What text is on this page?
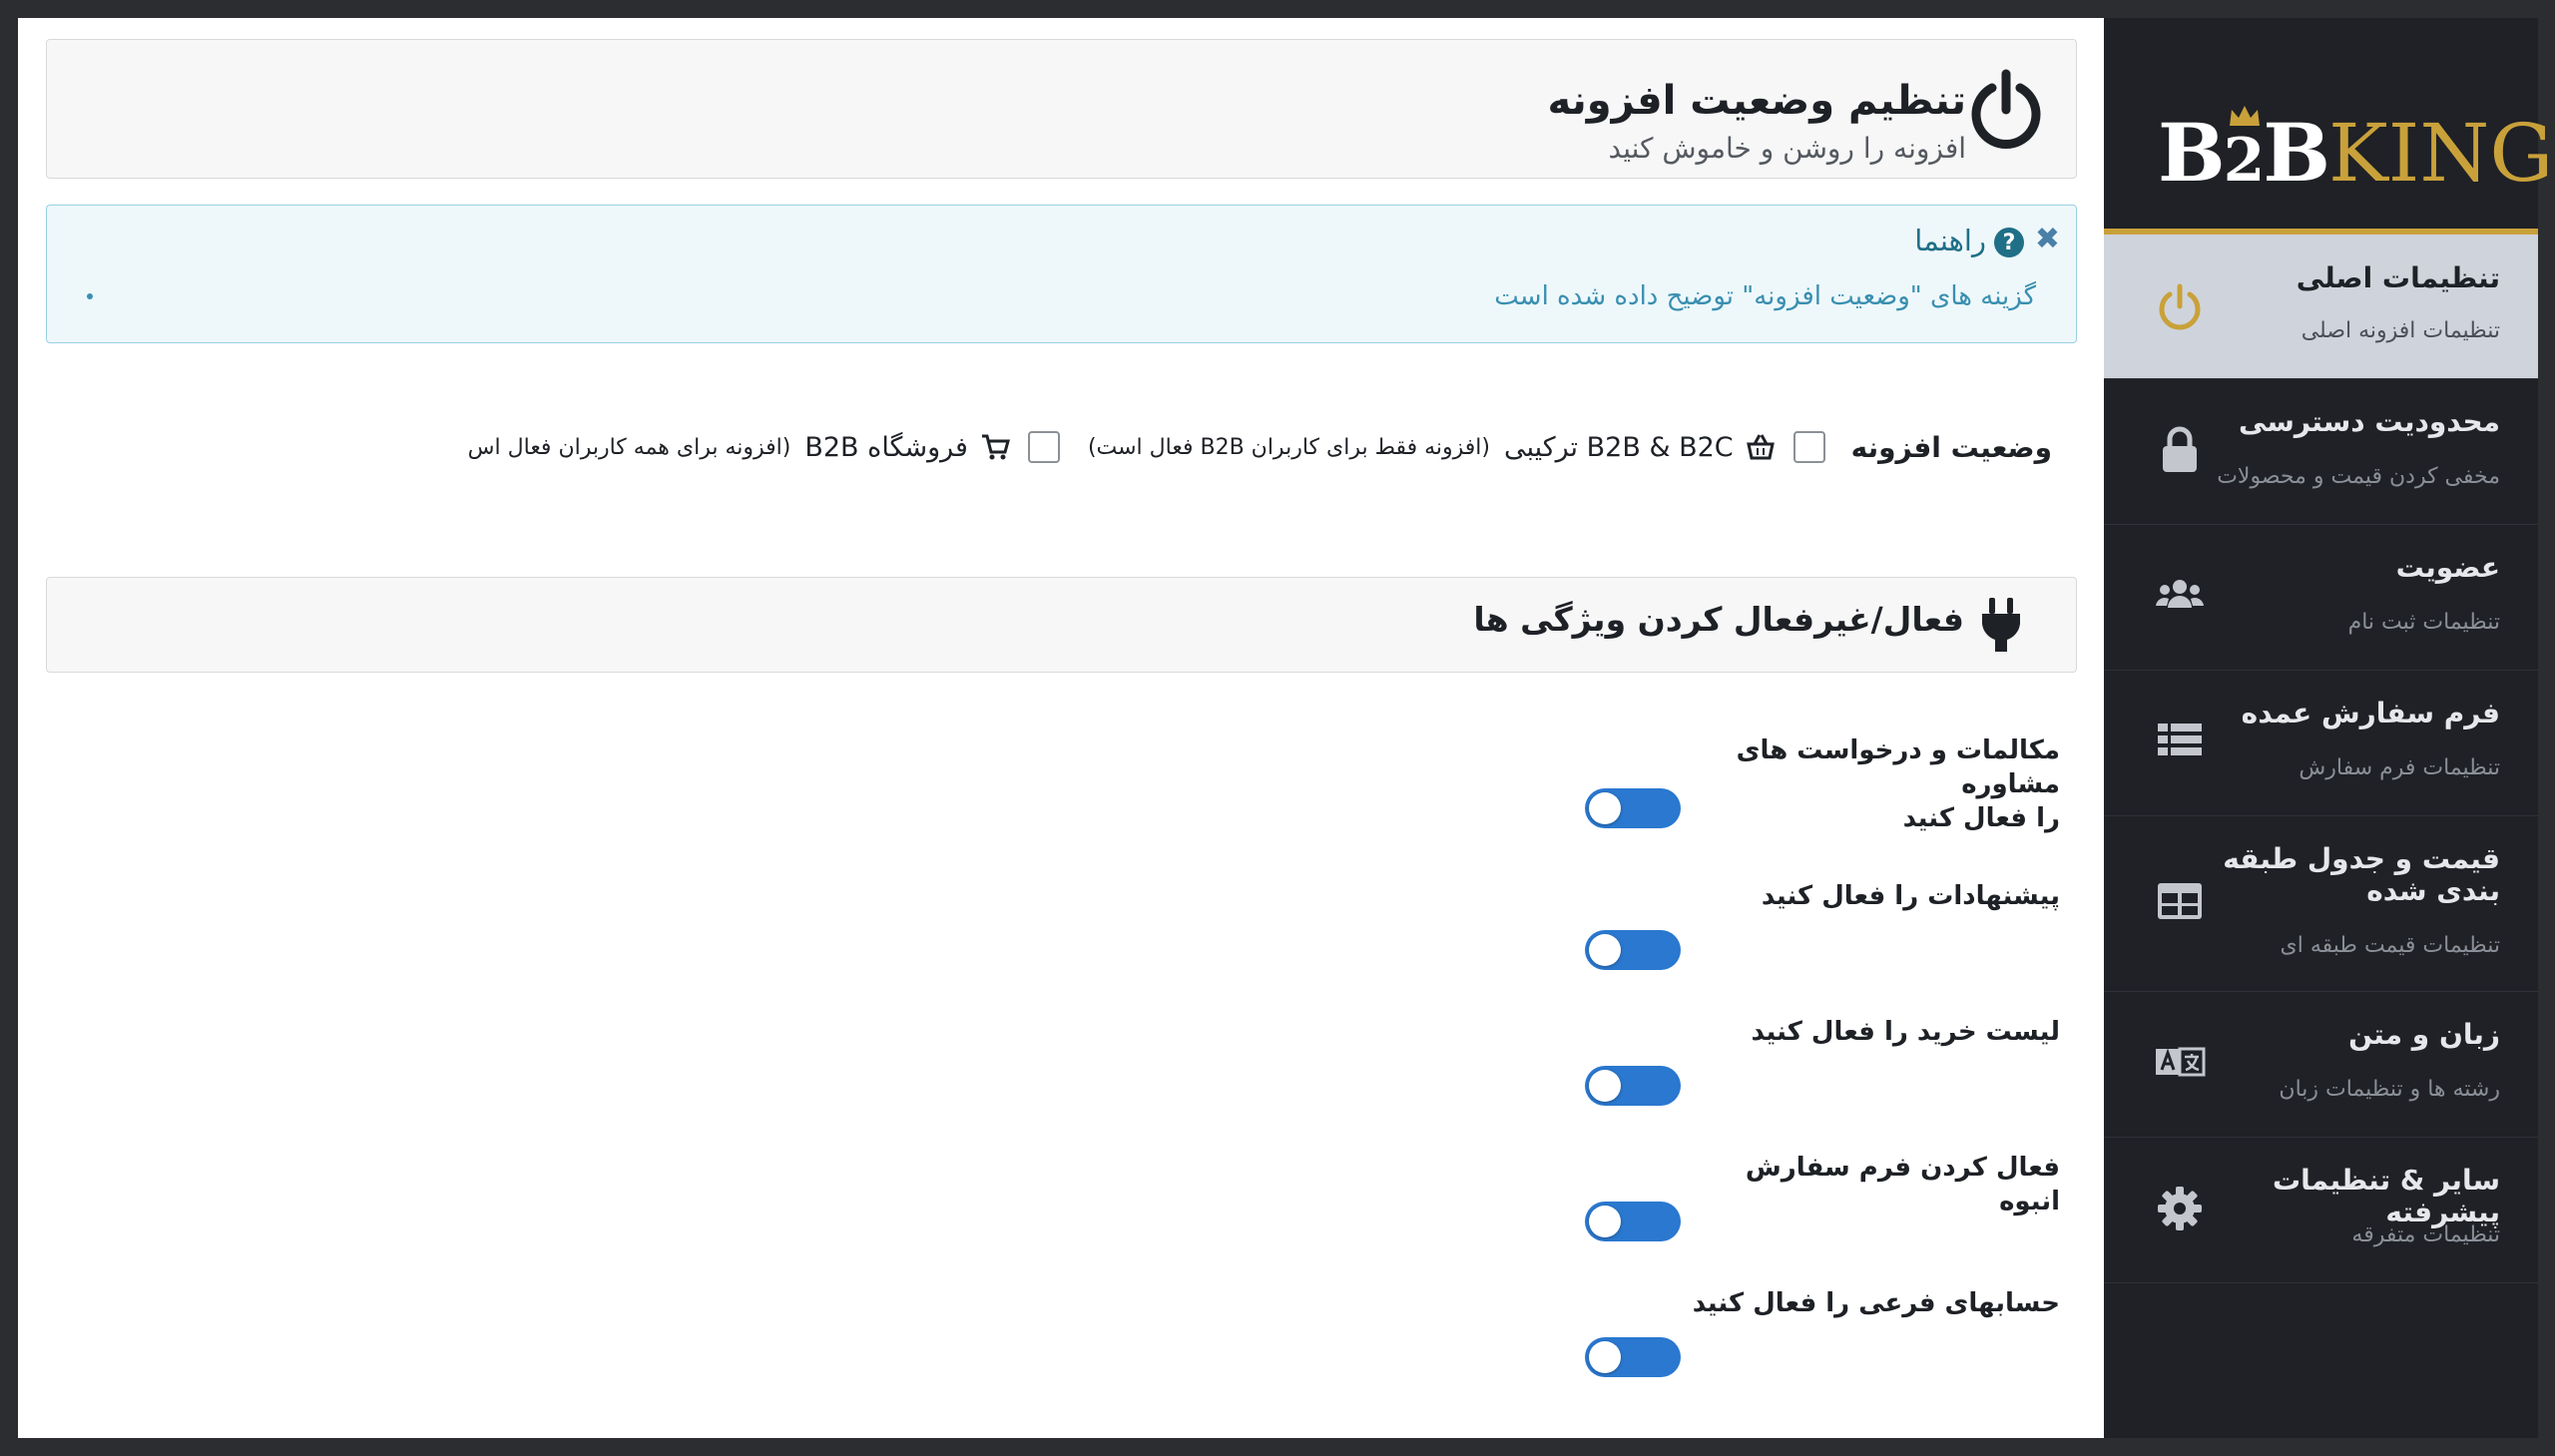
تنظیم وضعیت افزونه
افزونه را روشن و خاموش کنید
✖
?
راهنما
گزینه های "وضعیت افزونه" توضیح داده شده است
وضعیت افزونه
B2B & B2C ترکیبی
(افزونه فقط برای کاربران B2B فعال است)
فروشگاه B2B
(افزونه برای همه کاربران فعال اس
فعال/غیرفعال کردن ویژگی ها
مکالمات و درخواست های مشاوره
را فعال کنید
پیشنهادات را فعال کنید
لیست خرید را فعال کنید
فعال کردن فرم سفارش انبوه
حسابهای فرعی را فعال کنید
B2BKING
تنظیمات اصلی
تنظیمات افزونه اصلی
محدودیت دسترسی
مخفی کردن قیمت و محصولات
عضویت
تنظیمات ثبت نام
فرم سفارش عمده
تنظیمات فرم سفارش
قیمت و جدول طبقه بندی شده
تنظیمات قیمت طبقه ای
زبان و متن
رشته ها و تنظیمات زبان
سایر & تنظیمات پیشرفته
تنظیمات متفرقه
